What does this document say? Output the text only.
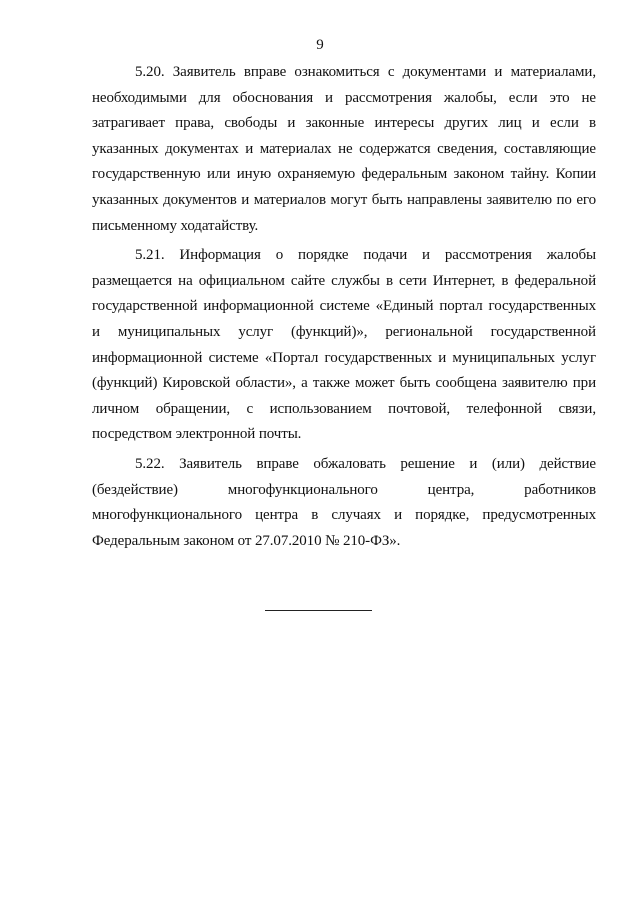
9

5.20. Заявитель вправе ознакомиться с документами и материалами, необходимыми для обоснования и рассмотрения жалобы, если это не затрагивает права, свободы и законные интересы других лиц и если в указанных документах и материалах не содержатся сведения, составляющие государственную или иную охраняемую федеральным законом тайну. Копии указанных документов и материалов могут быть направлены заявителю по его письменному ходатайству.

5.21. Информация о порядке подачи и рассмотрения жалобы размещается на официальном сайте службы в сети Интернет, в федеральной государственной информационной системе «Единый портал государственных и муниципальных услуг (функций)», региональной государственной информационной системе «Портал государственных и муниципальных услуг (функций) Кировской области», а также может быть сообщена заявителю при личном обращении, с использованием почтовой, телефонной связи, посредством электронной почты.

5.22. Заявитель вправе обжаловать решение и (или) действие (бездействие) многофункционального центра, работников многофункционального центра в случаях и порядке, предусмотренных Федеральным законом от 27.07.2010 № 210-ФЗ».
